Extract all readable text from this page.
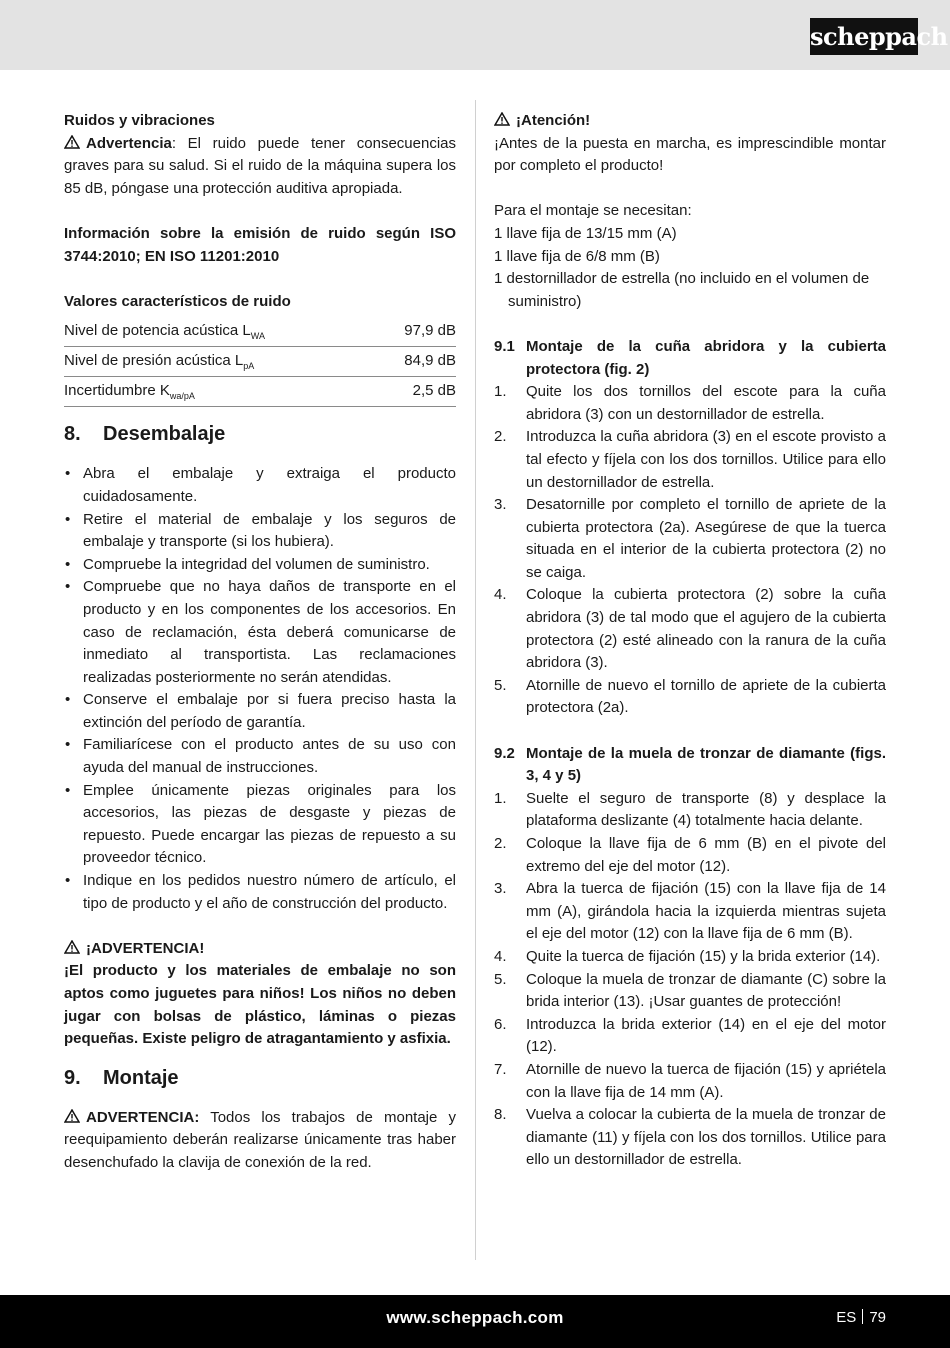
scheppach

Ruidos y vibraciones

Advertencia: El ruido puede tener consecuencias graves para su salud. Si el ruido de la máquina supera los 85 dB, póngase una protección auditiva apropiada.

Información sobre la emisión de ruido según ISO 3744:2010; EN ISO 11201:2010

Valores característicos de ruido

Nivel de potencia acústica $L_{WA}$	97,9 dB
Nivel de presión acústica $L_{pA}$	84,9 dB
Incertidumbre $K_{wa/pA}$	2,5 dB
8. Desembalaje
• Abra el embalaje y extraiga el producto cuidadosamente.
• Retire el material de embalaje y los seguros de embalaje y transporte (si los hubiera).
• Compruebe la integridad del volumen de suministro.
• Compruebe que no haya daños de transporte en el producto y en los componentes de los accesorios. En caso de reclamación, ésta deberá comunicarse de inmediato al transportista. Las reclamaciones realizadas posteriormente no serán atendidas.
• Conserve el embalaje por si fuera preciso hasta la extinción del período de garantía.
• Familiarícese con el producto antes de su uso con ayuda del manual de instrucciones.
• Emplee únicamente piezas originales para los accesorios, las piezas de desgaste y piezas de repuesto. Puede encargar las piezas de repuesto a su proveedor técnico.
• Indique en los pedidos nuestro número de artículo, el tipo de producto y el año de construcción del producto.

¡ADVERTENCIA!

¡El producto y los materiales de embalaje no son aptos como juguetes para niños! Los niños no deben jugar con bolsas de plástico, láminas o piezas pequeñas. Existe peligro de atragantamiento y asfixia.

9. Montaje

ADVERTENCIA: Todos los trabajos de montaje y reequipamiento deberán realizarse únicamente tras haber desenchufado la clavija de conexión de la red.

¡Atención!

¡Antes de la puesta en marcha, es imprescindible montar por completo el producto!

Para el montaje se necesitan:

1 llave fija de 13/15 mm (A)

1 llave fija de 6/8 mm (B)

1 destornillador de estrella (no incluido en el volumen de suministro)

9.1 Montaje de la cuña abridora y la cubierta protectora (fig. 2)
1. Quite los dos tornillos del escote para la cuña abridora (3) con un destornillador de estrella.
2. Introduzca la cuña abridora (3) en el escote provisto a tal efecto y fíjela con los dos tornillos. Utilice para ello un destornillador de estrella.
3. Desatornille por completo el tornillo de apriete de la cubierta protectora (2a). Asegúrese de que la tuerca situada en el interior de la cubierta protectora (2) no se caiga.
4. Coloque la cubierta protectora (2) sobre la cuña abridora (3) de tal modo que el agujero de la cubierta protectora (2) esté alineado con la ranura de la cuña abridora (3).
5. Atornille de nuevo el tornillo de apriete de la cubierta protectora (2a).
9.2 Montaje de la muela de tronzar de diamante (figs. 3, 4 y 5)
1. Suelte el seguro de transporte (8) y desplace la plataforma deslizante (4) totalmente hacia delante.
2. Coloque la llave fija de 6 mm (B) en el pivote del extremo del eje del motor (12).
3. Abra la tuerca de fijación (15) con la llave fija de 14 mm (A), girándola hacia la izquierda mientras sujeta el eje del motor (12) con la llave fija de 6 mm (B).
4. Quite la tuerca de fijación (15) y la brida exterior (14).
5. Coloque la muela de tronzar de diamante (C) sobre la brida interior (13). ¡Usar guantes de protección!
6. Introduzca la brida exterior (14) en el eje del motor (12).
7. Atornille de nuevo la tuerca de fijación (15) y apriétela con la llave fija de 14 mm (A).
8. Vuelva a colocar la cubierta de la muela de tronzar de diamante (11) y fíjela con los dos tornillos. Utilice para ello un destornillador de estrella.
www.scheppach.com	ES 79
